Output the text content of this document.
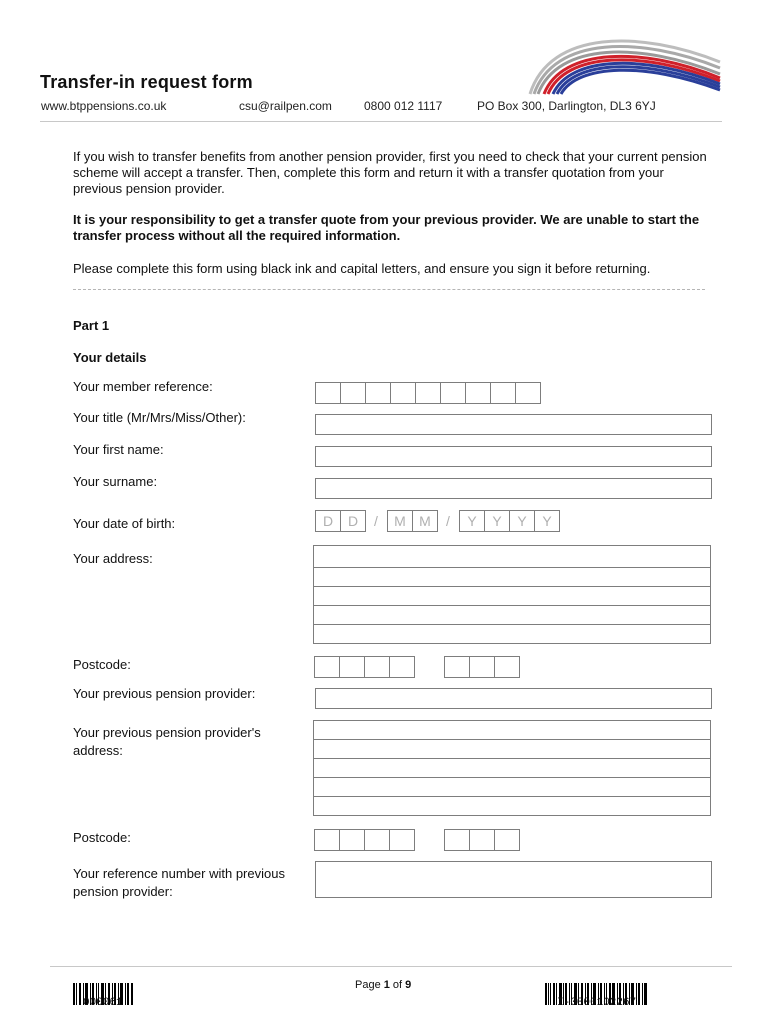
Transfer-in request form
www.btppensions.co.uk	csu@railpen.com	0800 012 1117	PO Box 300, Darlington, DL3 6YJ
If you wish to transfer benefits from another pension provider, first you need to check that your current pension scheme will accept a transfer. Then, complete this form and return it with a transfer quotation from your previous pension provider.
It is your responsibility to get a transfer quote from your previous provider. We are unable to start the transfer process without all the required information.
Please complete this form using black ink and capital letters, and ensure you sign it before returning.
Part 1
Your details
Your member reference:
Your title (Mr/Mrs/Miss/Other):
Your first name:
Your surname:
Your date of birth:	D	D	/	M M	/	Y	Y	Y	Y
Your address:
Postcode:
Your previous pension provider:
Your previous pension provider's address:
Postcode:
Your reference number with previous pension provider:
000061
Page 1 of 9
I-0000102267
